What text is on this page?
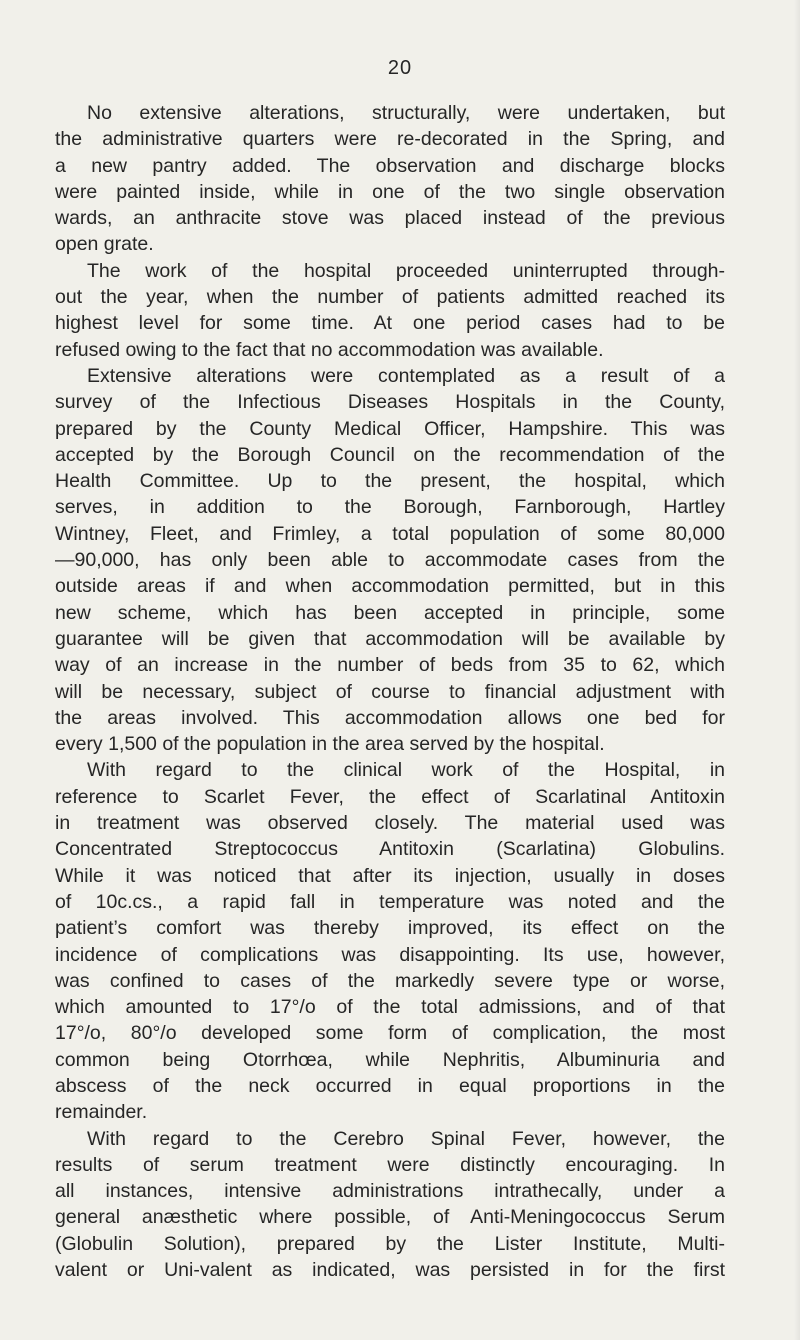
20
No extensive alterations, structurally, were undertaken, but
the administrative quarters were re-decorated in the Spring, and
a new pantry added. The observation and discharge blocks
were painted inside, while in one of the two single observation
wards, an anthracite stove was placed instead of the previous
open grate.
The work of the hospital proceeded uninterrupted through-
out the year, when the number of patients admitted reached its
highest level for some time. At one period cases had to be
refused owing to the fact that no accommodation was available.
Extensive alterations were contemplated as a result of a
survey of the Infectious Diseases Hospitals in the County,
prepared by the County Medical Officer, Hampshire. This was
accepted by the Borough Council on the recommendation of the
Health Committee. Up to the present, the hospital, which
serves, in addition to the Borough, Farnborough, Hartley
Wintney, Fleet, and Frimley, a total population of some 80,000
—90,000, has only been able to accommodate cases from the
outside areas if and when accommodation permitted, but in this
new scheme, which has been accepted in principle, some
guarantee will be given that accommodation will be available by
way of an increase in the number of beds from 35 to 62, which
will be necessary, subject of course to financial adjustment with
the areas involved. This accommodation allows one bed for
every 1,500 of the population in the area served by the hospital.
With regard to the clinical work of the Hospital, in
reference to Scarlet Fever, the effect of Scarlatinal Antitoxin
in treatment was observed closely. The material used was
Concentrated Streptococcus Antitoxin (Scarlatina) Globulins.
While it was noticed that after its injection, usually in doses
of 10c.cs., a rapid fall in temperature was noted and the
patient’s comfort was thereby improved, its effect on the
incidence of complications was disappointing. Its use, however,
was confined to cases of the markedly severe type or worse,
which amounted to 17°/o of the total admissions, and of that
17°/o, 80°/o developed some form of complication, the most
common being Otorrhœa, while Nephritis, Albuminuria and
abscess of the neck occurred in equal proportions in the
remainder.
With regard to the Cerebro Spinal Fever, however, the
results of serum treatment were distinctly encouraging. In
all instances, intensive administrations intrathecally, under a
general anæsthetic where possible, of Anti-Meningococcus Serum
(Globulin Solution), prepared by the Lister Institute, Multi-
valent or Uni-valent as indicated, was persisted in for the first
